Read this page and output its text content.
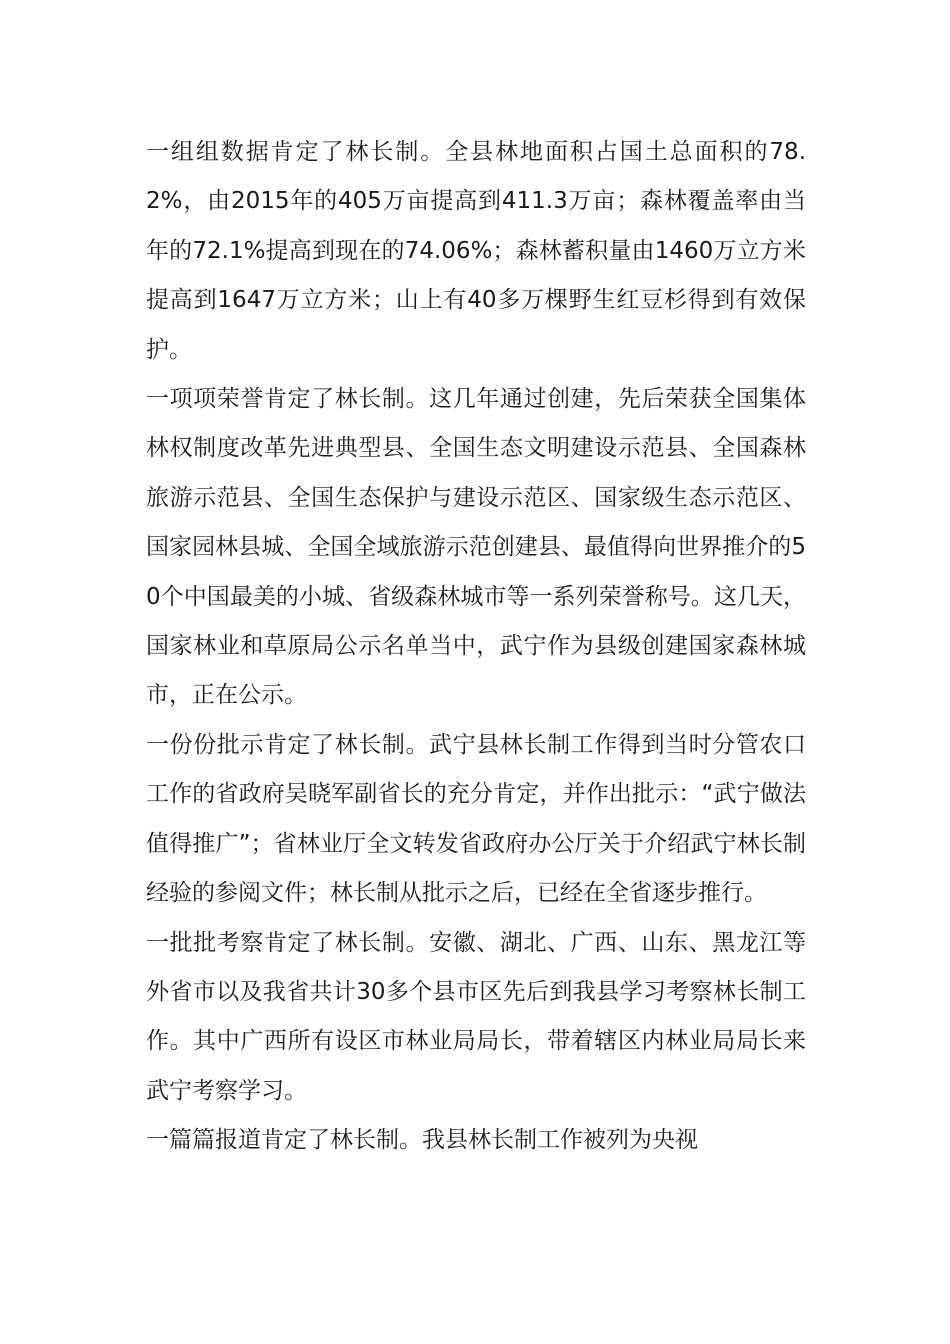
一组组数据肯定了林长制。全县林地面积占国土总面积的78.2%，由2015年的405万亩提高到411.3万亩；森林覆盖率由当年的72.1%提高到现在的74.06%；森林蓄积量由1460万立方米提高到1647万立方米；山上有40多万棵野生红豆杉得到有效保护。

一项项荣誉肯定了林长制。这几年通过创建，先后荣获全国集体林权制度改革先进典型县、全国生态文明建设示范县、全国森林旅游示范县、全国生态保护与建设示范区、国家级生态示范区、国家园林县城、全国全域旅游示范创建县、最值得向世界推介的50个中国最美的小城、省级森林城市等一系列荣誉称号。这几天，国家林业和草原局公示名单当中，武宁作为县级创建国家森林城市，正在公示。

一份份批示肯定了林长制。武宁县林长制工作得到当时分管农口工作的省政府吴晓军副省长的充分肯定，并作出批示：“武宁做法值得推广”；省林业厅全文转发省政府办公厅关于介绍武宁林长制经验的参阅文件；林长制从批示之后，已经在全省逐步推行。

一批批考察肯定了林长制。安徽、湖北、广西、山东、黑龙江等外省市以及我省共计30多个县市区先后到我县学习考察林长制工作。其中广西所有设区市林业局局长，带着辖区内林业局局长来武宁考察学习。

一篇篇报道肯定了林长制。我县林长制工作被列为央视
